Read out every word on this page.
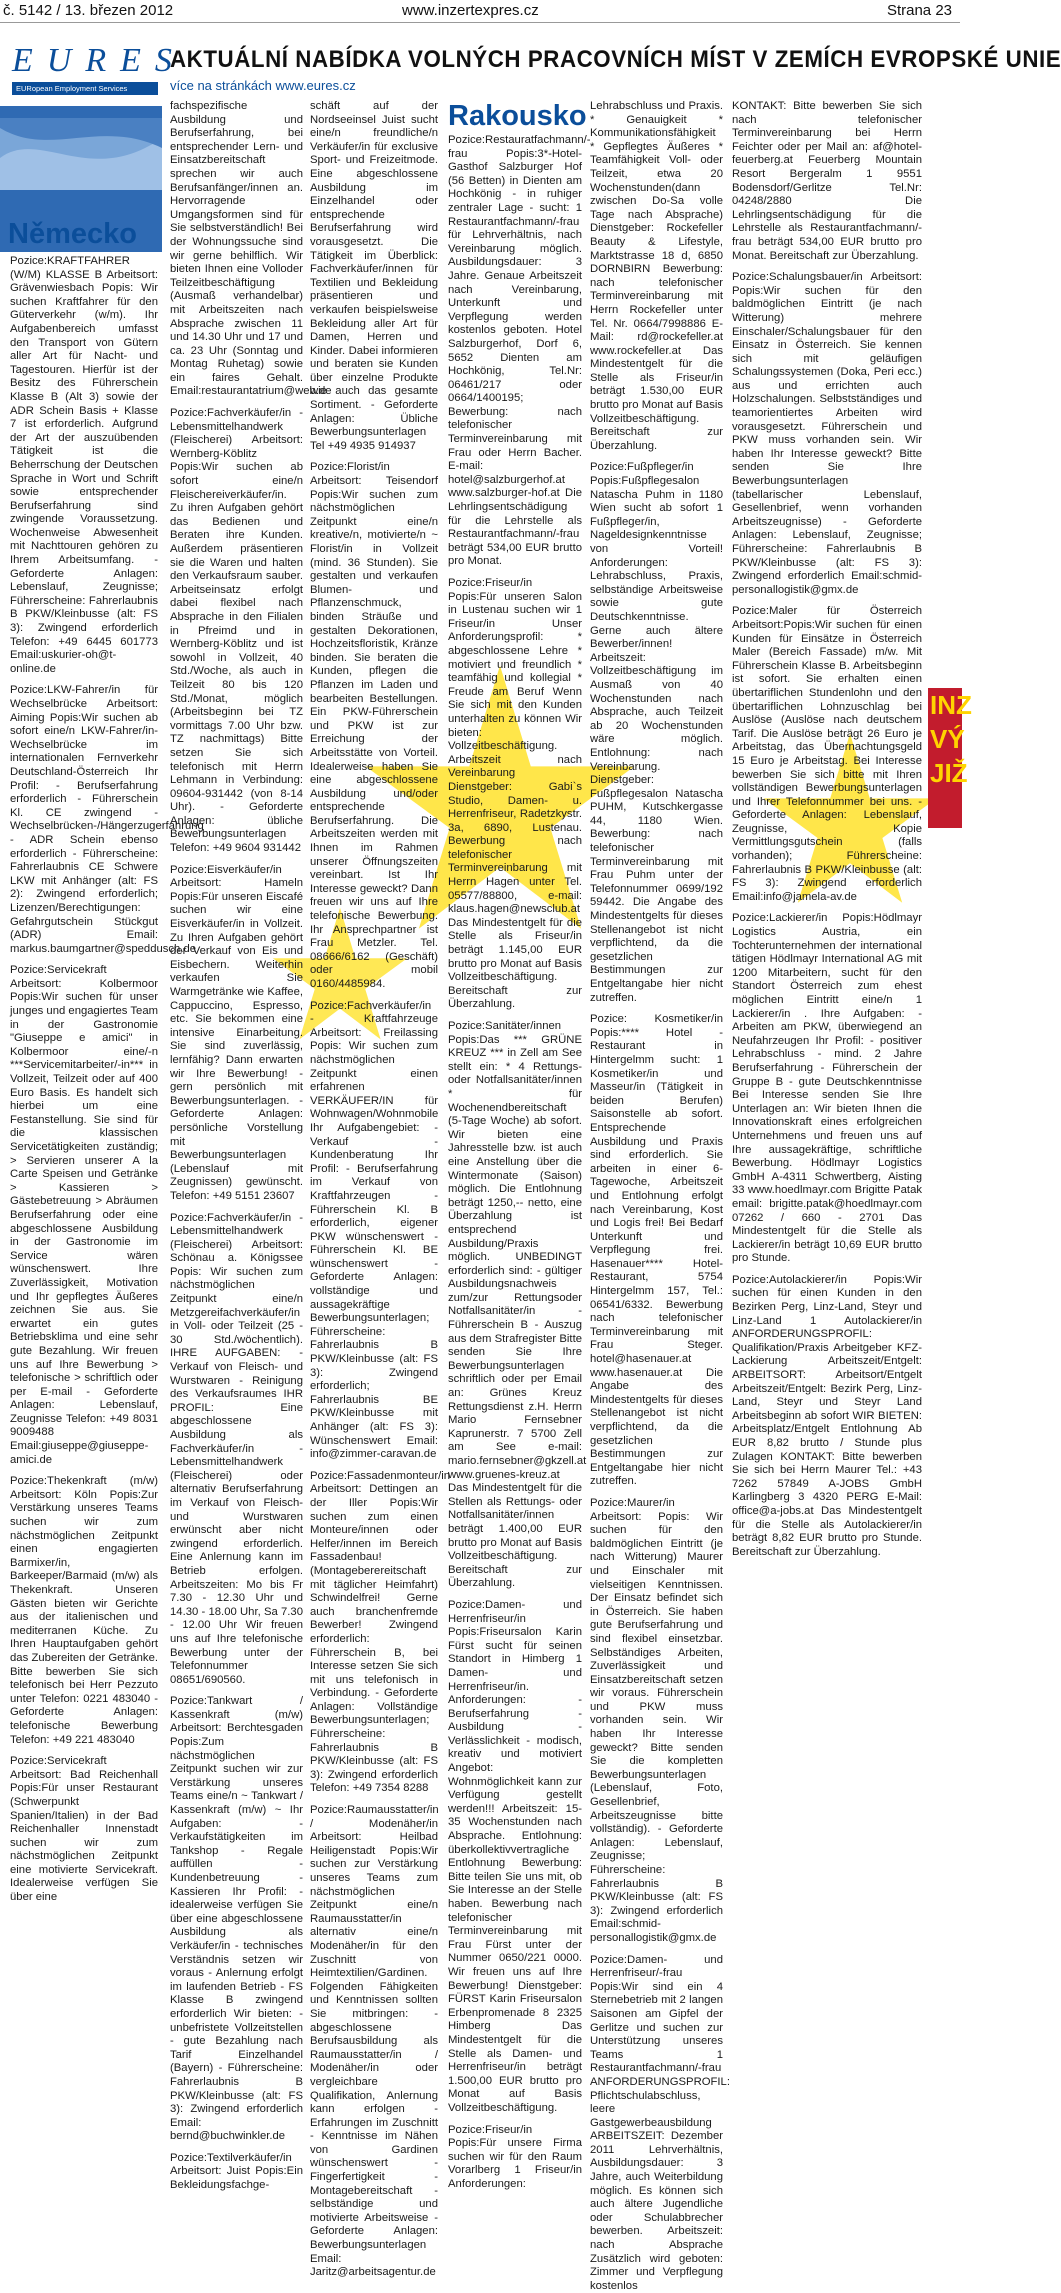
č. 5142 / 13. březen 2012	www.inzertexpres.cz	Strana 23
EURES
EURopean Employment Services
AKTUÁLNÍ NABÍDKA VOLNÝCH PRACOVNÍCH MÍST V ZEMÍCH EVROPSKÉ UNIE
více na stránkách www.eures.cz
Německo
Rakousko

Pozice:KRAFTFAHRER (W/M) KLASSE B Arbeitsort: Grävenwiesbach Popis: Wir suchen Kraftfahrer für den Güterverkehr (w/m). Ihr Aufgabenbereich umfasst den Transport von Gütern aller Art für Nacht- und Tagestouren. Hierfür ist der Besitz des Führerschein Klasse B (Alt 3) sowie der ADR Schein Basis + Klasse 7 ist erforderlich. Aufgrund der Art der auszuübenden Tätigkeit ist die Beherrschung der Deutschen Sprache in Wort und Schrift sowie entsprechender Berufserfahrung sind zwingende Voraussetzung. Wochenweise Abwesenheit mit Nachttouren gehören zu Ihrem Arbeitsumfang. - Geforderte Anlagen: Lebenslauf, Zeugnisse; Führerscheine: Fahrerlaubnis B PKW/Kleinbusse (alt: FS 3): Zwingend erforderlich Telefon: +49 6445 601773 Email:uskurier-oh@t-online.de

Pozice:LKW-Fahrer/in für Wechselbrücke Arbeitsort: Aiming Popis:Wir suchen ab sofort eine/n LKW-Fahrer/in-Wechselbrücke im internationalen Fernverkehr Deutschland-Österreich Ihr Profil: - Berufserfahrung erforderlich - Führerschein Kl. CE zwingend - Wechselbrücken-/Hängerzugerfahrung - ADR Schein ebenso erforderlich - Führerscheine: Fahrerlaubnis CE Schwere LKW mit Anhänger (alt: FS 2): Zwingend erforderlich; Lizenzen/Berechtigungen: Gefahrgutschein Stückgut (ADR) Email: markus.baumgartner@speddusch.de

Pozice:Servicekraft Arbeitsort: Kolbermoor Popis:Wir suchen für unser junges und engagiertes Team in der Gastronomie "Giuseppe e amici" in Kolbermoor eine/-n ***Servicemitarbeiter/-in*** in Vollzeit, Teilzeit oder auf 400 Euro Basis. Es handelt sich hierbei um eine Festanstellung. Sie sind für die klassischen Servicetätigkeiten zuständig; > Servieren unserer A la Carte Speisen und Getränke > Kassieren > Gästebetreuung > Abräumen Berufserfahrung oder eine abgeschlossene Ausbildung in der Gastronomie im Service wären wünschenswert. Ihre Zuverlässigkeit, Motivation und Ihr gepflegtes Äußeres zeichnen Sie aus. Sie erwartet ein gutes Betriebsklima und eine sehr gute Bezahlung. Wir freuen uns auf Ihre Bewerbung > telefonische > schriftlich oder per E-mail - Geforderte Anlagen: Lebenslauf, Zeugnisse Telefon: +49 8031 9009488 Email:giuseppe@giuseppe-amici.de

Pozice:Thekenkraft (m/w) Arbeitsort: Köln Popis:Zur Verstärkung unseres Teams suchen wir zum nächstmöglichen Zeitpunkt einen engagierten Barmixer/in, Barkeeper/Barmaid (m/w) als Thekenkraft. Unseren Gästen bieten wir Gerichte aus der italienischen und mediterranen Küche. Zu Ihren Hauptaufgaben gehört das Zubereiten der Getränke. Bitte bewerben Sie sich telefonisch bei Herr Pezzuto unter Telefon: 0221 483040 - Geforderte Anlagen: telefonische Bewerbung Telefon: +49 221 483040

Pozice:Servicekraft Arbeitsort: Bad Reichenhall Popis:Für unser Restaurant (Schwerpunkt Spanien/Italien) in der Bad Reichenhaller Innenstadt suchen wir zum nächstmöglichen Zeitpunkt eine motivierte Servicekraft. Idealerweise verfügen Sie über eine

fachspezifische Ausbildung und Berufserfahrung, bei entsprechender Lern- und Einsatzbereitschaft sprechen wir auch Berufsanfänger/innen an. Hervorragende Umgangsformen sind für Sie selbstverständlich! Bei der Wohnungssuche sind wir gerne behilflich. Wir bieten Ihnen eine Volloder Teilzeitbeschäftigung (Ausmaß verhandelbar) mit Arbeitszeiten nach Absprache zwischen 11 und 14.30 Uhr und 17 und ca. 23 Uhr (Sonntag und Montag Ruhetag) sowie ein faires Gehalt. Email:restaurantatrium@web.de

Pozice:Fachverkäufer/in - Lebensmittelhandwerk (Fleischerei) Arbeitsort: Wernberg-Köblitz Popis:Wir suchen ab sofort eine/n Fleischereiverkäufer/in. Zu ihren Aufgaben gehört das Bedienen und Beraten ihre Kunden. Außerdem präsentieren sie die Waren und halten den Verkaufsraum sauber. Arbeitseinsatz erfolgt dabei flexibel nach Absprache in den Filialen in Pfreimd und in Wernberg-Köblitz und ist sowohl in Vollzeit, 40 Std./Woche, als auch in Teilzeit 80 bis 120 Std./Monat, möglich (Arbeitsbeginn bei TZ vormittags 7.00 Uhr bzw. TZ nachmittags) Bitte setzen Sie sich telefonisch mit Herrn Lehmann in Verbindung: 09604-931442 (von 8-14 Uhr). - Geforderte Anlagen: übliche Bewerbungsunterlagen Telefon: +49 9604 931442

Pozice:Eisverkäufer/in Arbeitsort: Hameln Popis:Für unseren Eiscafé suchen wir eine Eisverkäufer/in in Vollzeit. Zu Ihren Aufgaben gehört der Verkauf von Eis und Eisbechern. Weiterhin verkaufen Sie Warmgetränke wie Kaffee, Cappuccino, Espresso, etc. Sie bekommen eine intensive Einarbeitung. Sie sind zuverlässig, lernfähig? Dann erwarten wir Ihre Bewerbung! - gern persönlich mit Bewerbungsunterlagen. - Geforderte Anlagen: persönliche Vorstellung mit Bewerbungsunterlagen (Lebenslauf mit Zeugnissen) gewünscht. Telefon: +49 5151 23607

Pozice:Fachverkäufer/in - Lebensmittelhandwerk (Fleischerei) Arbeitsort: Schönau a. Königssee Popis: Wir suchen zum nächstmöglichen Zeitpunkt eine/n Metzgereifachverkäufer/in in Voll- oder Teilzeit (25 - 30 Std./wöchentlich). IHRE AUFGABEN: - Verkauf von Fleisch- und Wurstwaren - Reinigung des Verkaufsraumes IHR PROFIL: Eine abgeschlossene Ausbildung als Fachverkäufer/in - Lebensmittelhandwerk (Fleischerei) oder alternativ Berufserfahrung im Verkauf von Fleisch- und Wurstwaren erwünscht aber nicht zwingend erforderlich. Eine Anlernung kann im Betrieb erfolgen. Arbeitszeiten: Mo bis Fr 7.30 - 12.30 Uhr und 14.30 - 18.00 Uhr, Sa 7.30 - 12.00 Uhr Wir freuen uns auf Ihre telefonische Bewerbung unter der Telefonnummer 08651/690560.

Pozice:Tankwart / Kassenkraft (m/w) Arbeitsort: Berchtesgaden Popis:Zum nächstmöglichen Zeitpunkt suchen wir zur Verstärkung unseres Teams eine/n ~ Tankwart / Kassenkraft (m/w) ~ Ihr Aufgaben: - Verkaufstätigkeiten im Tankshop - Regale auffüllen - Kundenbetreuung - Kassieren Ihr Profil: - idealerweise verfügen Sie über eine abgeschlossene Ausbildung als Verkäufer/in - technisches Verständnis setzen wir voraus - Anlernung erfolgt im laufenden Betrieb - FS Klasse B zwingend erforderlich Wir bieten: - unbefristete Vollzeitstellen - gute Bezahlung nach Tarif Einzelhandel (Bayern) - Führerscheine: Fahrerlaubnis B PKW/Kleinbusse (alt: FS 3): Zwingend erforderlich Email: bernd@buchwinkler.de

Pozice:Textilverkäufer/in Arbeitsort: Juist Popis:Ein Bekleidungsfachge-

schäft auf der Nordseeinsel Juist sucht eine/n freundliche/n Verkäufer/in für exclusive Sport- und Freizeitmode. Eine abgeschlossene Ausbildung im Einzelhandel oder entsprechende Berufserfahrung wird vorausgesetzt. Die Tätigkeit im Überblick: Fachverkäufer/innen für Textilien und Bekleidung präsentieren und verkaufen beispielsweise Bekleidung aller Art für Damen, Herren und Kinder. Dabei informieren und beraten sie Kunden über einzelne Produkte wie auch das gesamte Sortiment. - Geforderte Anlagen: Übliche Bewerbungsunterlagen Tel +49 4935 914937

Pozice:Florist/in Arbeitsort: Teisendorf Popis:Wir suchen zum nächstmöglichen Zeitpunkt eine/n kreative/n, motivierte/n ~ Florist/in in Vollzeit (mind. 36 Stunden). Sie gestalten und verkaufen Blumen- und Pflanzenschmuck, binden Sträuße und gestalten Dekorationen, Hochzeitsfloristik, Kränze binden. Sie beraten die Kunden, pflegen die Pflanzen im Laden und bearbeiten Bestellungen. Ein PKW-Führerschein und PKW ist zur Erreichung der Arbeitsstätte von Vorteil. Idealerweise haben Sie eine abgeschlossene Ausbildung und/oder entsprechende Berufserfahrung. Die Arbeitszeiten werden mit Ihnen im Rahmen unserer Öffnungszeiten vereinbart. Ist Ihr Interesse geweckt? Dann freuen wir uns auf Ihre telefonische Bewerbung. Ihr Ansprechpartner ist Frau Metzler. Tel. 08666/6162 (Geschäft) oder mobil 0160/4485984.

Pozice:Fachverkäufer/in - Kraftfahrzeuge Arbeitsort: Freilassing Popis: Wir suchen zum nächstmöglichen Zeitpunkt einen erfahrenen VERKÄUFER/IN für Wohnwagen/Wohnmobile Ihr Aufgabengebiet: - Verkauf - Kundenberatung Ihr Profil: - Berufserfahrung im Verkauf von Kraftfahrzeugen - Führerschein Kl. B erforderlich, eigener PKW wünschenswert - Führerschein Kl. BE wünschenswert - Geforderte Anlagen: vollständige und aussagekräftige Bewerbungsunterlagen; Führerscheine: Fahrerlaubnis B PKW/Kleinbusse (alt: FS 3): Zwingend erforderlich; Fahrerlaubnis BE PKW/Kleinbusse mit Anhänger (alt: FS 3): Wünschenswert Email: info@zimmer-caravan.de

Pozice:Fassadenmonteur/in Arbeitsort: Dettingen an der Iller Popis:Wir suchen zum einen Monteure/innen oder Helfer/innen im Bereich Fassadenbau! (Montageberereitschaft mit täglicher Heimfahrt) Schwindelfrei! Gerne auch branchenfremde Bewerber! Zwingend erforderlich: Führerschein B, bei Interesse setzen Sie sich mit uns telefonisch in Verbindung. - Geforderte Anlagen: Vollständige Bewerbungsunterlagen; Führerscheine: Fahrerlaubnis B PKW/Kleinbusse (alt: FS 3): Zwingend erforderlich Telefon: +49 7354 8288

Pozice:Raumausstatter/in / Modenäher/in Arbeitsort: Heilbad Heiligenstadt Popis:Wir suchen zur Verstärkung unseres Teams zum nächstmöglichen Zeitpunkt eine/n Raumausstatter/in alternativ eine/n Modenäher/in für den Zuschnitt von Heimtextilien/Gardinen. Folgenden Fähigkeiten und Kenntnissen sollten Sie mitbringen: - abgeschlossene Berufsausbildung als Raumausstatter/in / Modenäher/in oder vergleichbare Qualifikation, Anlernung kann erfolgen - Erfahrungen im Zuschnitt - Kenntnisse im Nähen von Gardinen wünschenswert - Fingerfertigkeit - Montagebereitschaft - selbständige und motivierte Arbeitsweise - Geforderte Anlagen: Bewerbungsunterlagen Email: Jaritz@arbeitsagentur.de

Pozice:Restauratfachmann/-frau Popis:3*-Hotel-Gasthof Salzburger Hof (56 Betten) in Dienten am Hochkönig - in ruhiger zentraler Lage - sucht: 1 Restaurantfachmann/-frau für Lehrverhältnis, nach Vereinbarung möglich. Ausbildungsdauer: 3 Jahre. Genaue Arbeitszeit nach Vereinbarung, Unterkunft und Verpflegung werden kostenlos geboten. Hotel Salzburgerhof, Dorf 6, 5652 Dienten am Hochkönig, Tel.Nr: 06461/217 oder 0664/1400195; Bewerbung: nach telefonischer Terminvereinbarung mit Frau oder Herrn Bacher. E-mail: hotel@salzburgerhof.at www.salzburger-hof.at Die Lehrlingsentschädigung für die Lehrstelle als Restaurantfachmann/-frau beträgt 534,00 EUR brutto pro Monat.

Pozice:Friseur/in Popis:Für unseren Salon in Lustenau suchen wir 1 Friseur/in Unser Anforderungsprofil: * abgeschlossene Lehre * motiviert und freundlich * teamfähig und kollegial * Freude am Beruf Wenn Sie sich mit den Kunden unterhalten zu können Wir bieten: Vollzeitbeschäftigung. Arbeitszeit nach Vereinbarung Dienstgeber: Gabi`s Studio, Damen- u. Herrenfriseur, Radetzkystr. 3a, 6890, Lustenau. Bewerbung nach telefonischer Terminvereinbarung mit Herrn Hagen unter Tel. 05577/88800, e-mail: klaus.hagen@newsclub.at Das Mindestentgelt für die Stelle als Friseur/in beträgt 1.145,00 EUR brutto pro Monat auf Basis Vollzeitbeschäftigung. Bereitschaft zur Überzahlung.

Pozice:Sanitäter/innen Popis:Das *** GRÜNE KREUZ *** in Zell am See stellt ein: * 4 Rettungs- oder Notfallsanitäter/innen * für Wochenendbereitschaft (5-Tage Woche) ab sofort. Wir bieten eine Jahresstelle bzw. ist auch eine Anstellung über die Wintermonate (Saison) möglich. Die Entlohnung beträgt 1250,-- netto, eine Überzahlung ist entsprechend Ausbildung/Praxis möglich. UNBEDINGT erforderlich sind: - gültiger Ausbildungsnachweis zum/zur Rettungsoder Notfallsanitäter/in - Führerschein B - Auszug aus dem Strafregister Bitte senden Sie Ihre Bewerbungsunterlagen schriftlich oder per Email an: Grünes Kreuz Rettungsdienst z.H. Herrn Mario Fernsebner Kaprunerstr. 7 5700 Zell am See e-mail: mario.fernsebner@gkzell.at www.gruenes-kreuz.at Das Mindestentgelt für die Stellen als Rettungs- oder Notfallsanitäter/innen beträgt 1.400,00 EUR brutto pro Monat auf Basis Vollzeitbeschäftigung. Bereitschaft zur Überzahlung.

Pozice:Damen- und Herrenfriseur/in Popis:Friseursalon Karin Fürst sucht für seinen Standort in Himberg 1 Damen- und Herrenfriseur/in. Anforderungen: - Berufserfahrung - Ausbildung - Verlässlichkeit - modisch, kreativ und motiviert Angebot: Wohnmöglichkeit kann zur Verfügung gestellt werden!!! Arbeitszeit: 15-35 Wochenstunden nach Absprache. Entlohnung: überkollektivvertragliche Entlohnung Bewerbung: Bitte teilen Sie uns mit, ob Sie Interesse an der Stelle haben. Bewerbung nach telefonischer Terminvereinbarung mit Frau Fürst unter der Nummer 0650/221 0000. Wir freuen uns auf Ihre Bewerbung! Dienstgeber: FÜRST Karin Friseursalon Erbenpromenade 8 2325 Himberg Das Mindestentgelt für die Stelle als Damen- und Herrenfriseur/in beträgt 1.500,00 EUR brutto pro Monat auf Basis Vollzeitbeschäftigung.

Pozice:Friseur/in Popis:Für unsere Firma suchen wir für den Raum Vorarlberg 1 Friseur/in Anforderungen:

Lehrabschluss und Praxis. * Genauigkeit * Kommunikationsfähigkeit * Gepflegtes Äußeres * Teamfähigkeit Voll- oder Teilzeit, etwa 20 Wochenstunden(dann zwischen Do-Sa volle Tage nach Absprache) Dienstgeber: Rockefeller Beauty & Lifestyle, Marktstrasse 18 d, 6850 DORNBIRN Bewerbung: nach telefonischer Terminvereinbarung mit Herrn Rockefeller unter Tel. Nr. 0664/7998886 E-Mail: rd@rockefeller.at www.rockefeller.at Das Mindestentgelt für die Stelle als Friseur/in beträgt 1.530,00 EUR brutto pro Monat auf Basis Vollzeitbeschäftigung. Bereitschaft zur Überzahlung.

Pozice:Fußpfleger/in Popis:Fußpflegesalon Natascha Puhm in 1180 Wien sucht ab sofort 1 Fußpfleger/in, Nageldesignkenntnisse von Vorteil! Anforderungen: Lehrabschluss, Praxis, selbständige Arbeitsweise sowie gute Deutschkenntnisse. Gerne auch ältere Bewerber/innen! Arbeitszeit: Vollzeitbeschäftigung im Ausmaß von 40 Wochenstunden nach Absprache, auch Teilzeit ab 20 Wochenstunden wäre möglich. Entlohnung: nach Vereinbarung. Dienstgeber: Fußpflegesalon Natascha PUHM, Kutschkergasse 44, 1180 Wien. Bewerbung: nach telefonischer Terminvereinbarung mit Frau Puhm unter der Telefonnummer 0699/192 59442. Die Angabe des Mindestentgelts für dieses Stellenangebot ist nicht verpflichtend, da die gesetzlichen Bestimmungen zur Entgeltangabe hier nicht zutreffen.

Pozice: Kosmetiker/in Popis:**** Hotel -Restaurant in Hintergelmm sucht: 1 Kosmetiker/in und Masseur/in (Tätigkeit in beiden Berufen) Saisonstelle ab sofort. Entsprechende Ausbildung und Praxis sind erforderlich. Sie arbeiten in einer 6-Tagewoche, Arbeitszeit und Entlohnung erfolgt nach Vereinbarung, Kost und Logis frei! Bei Bedarf Unterkunft und Verpflegung frei. Hasenauer**** Hotel-Restaurant, 5754 Hintergelmm 157, Tel.: 06541/6332. Bewerbung nach telefonischer Terminvereinbarung mit Frau Steger. hotel@hasenauer.at www.hasenauer.at Die Angabe des Mindestentgelts für dieses Stellenangebot ist nicht verpflichtend, da die gesetzlichen Bestimmungen zur Entgeltangabe hier nicht zutreffen.

Pozice:Maurer/in Arbeitsort: Popis: Wir suchen für den baldmöglichen Eintritt (je nach Witterung) Maurer und Einschaler mit vielseitigen Kenntnissen. Der Einsatz befindet sich in Österreich. Sie haben gute Berufserfahrung und sind flexibel einsetzbar. Selbständiges Arbeiten, Zuverlässigkeit und Einsatzbereitschaft setzen wir voraus. Führerschein und PKW muss vorhanden sein. Wir haben Ihr Interesse geweckt? Bitte senden Sie die kompletten Bewerbungsunterlagen (Lebenslauf, Foto, Gesellenbrief, Arbeitszeugnisse bitte vollständig). - Geforderte Anlagen: Lebenslauf, Zeugnisse; Führerscheine: Fahrerlaubnis B PKW/Kleinbusse (alt: FS 3): Zwingend erforderlich Email:schmid-personallogistik@gmx.de

Pozice:Damen- und Herrenfriseur/-frau Popis:Wir sind ein 4 Sternebetrieb mit 2 langen Saisonen am Gipfel der Gerlitze und suchen zur Unterstützung unseres Teams 1 Restaurantfachmann/-frau ANFORDERUNGSPROFIL: Pflichtschulabschluss, leere Gastgewerbeausbildung ARBEITSZEIT: Dezember 2011 Lehrverhältnis, Ausbildungsdauer: 3 Jahre, auch Weiterbildung möglich. Es können sich auch ältere Jugendliche oder Schulabbrecher bewerben. Arbeitszeit: nach Absprache Zusätzlich wird geboten: Zimmer und Verpflegung kostenlos

KONTAKT: Bitte bewerben Sie sich nach telefonischer Terminvereinbarung bei Herrn Feichter oder per Mail an: af@hotel-feuerberg.at Feuerberg Mountain Resort Bergeralm 1 9551 Bodensdorf/Gerlitze Tel.Nr: 04248/2880 Die Lehrlingsentschädigung für die Lehrstelle als Restaurantfachmann/-frau beträgt 534,00 EUR brutto pro Monat. Bereitschaft zur Überzahlung.

Pozice:Schalungsbauer/in Arbeitsort: Popis:Wir suchen für den baldmöglichen Eintritt (je nach Witterung) mehrere Einschaler/Schalungsbauer für den Einsatz in Österreich. Sie kennen sich mit geläufigen Schalungssystemen (Doka, Peri ecc.) aus und errichten auch Holzschalungen. Selbstständiges und teamorientiertes Arbeiten wird vorausgesetzt. Führerschein und PKW muss vorhanden sein. Wir haben Ihr Interesse geweckt? Bitte senden Sie Ihre Bewerbungsunterlagen (tabellarischer Lebenslauf, Gesellenbrief, wenn vorhanden Arbeitszeugnisse) - Geforderte Anlagen: Lebenslauf, Zeugnisse; Führerscheine: Fahrerlaubnis B PKW/Kleinbusse (alt: FS 3): Zwingend erforderlich Email:schmid-personallogistik@gmx.de

Pozice:Maler für Österreich Arbeitsort:Popis:Wir suchen für einen Kunden für Einsätze in Österreich Maler (Bereich Fassade) m/w. Mit Führerschein Klasse B. Arbeitsbeginn ist sofort. Sie erhalten einen übertariflichen Stundenlohn und den übertariflichen Lohnzuschlag bei Auslöse (Auslöse nach deutschem Tarif. Die Auslöse beträgt 26 Euro je Arbeitstag, das Übernachtungsgeld 15 Euro je Arbeitstag. Bei Interesse bewerben Sie sich bitte mit Ihren vollständigen Bewerbungsunterlagen und Ihrer Telefonnummer bei uns. - Geforderte Anlagen: Lebenslauf, Zeugnisse, Kopie Vermittlungsgutschein (falls vorhanden); Führerscheine: Fahrerlaubnis B PKW/Kleinbusse (alt: FS 3): Zwingend erforderlich Email:info@jamela-av.de

Pozice:Lackierer/in Popis:Hödlmayr Logistics Austria, ein Tochterunternehmen der international tätigen Hödlmayr International AG mit 1200 Mitarbeitern, sucht für den Standort Österreich zum ehest möglichen Eintritt eine/n 1 Lackierer/in . Ihre Aufgaben: - Arbeiten am PKW, überwiegend an Neufahrzeugen Ihr Profil: - positiver Lehrabschluss - mind. 2 Jahre Berufserfahrung - Führerschein der Gruppe B - gute Deutschkenntnisse Bei Interesse senden Sie Ihre Unterlagen an: Wir bieten Ihnen die Innovationskraft eines erfolgreichen Unternehmens und freuen uns auf Ihre aussagekräftige, schriftliche Bewerbung. Hödlmayr Logistics GmbH A-4311 Schwertberg, Aisting 33 www.hoedlmayr.com Brigitte Patak email: brigitte.patak@hoedlmayr.com 07262 / 660 - 2701 Das Mindestentgelt für die Stelle als Lackierer/in beträgt 10,69 EUR brutto pro Stunde.

Pozice:Autolackierer/in Popis:Wir suchen für einen Kunden in den Bezirken Perg, Linz-Land, Steyr und Linz-Land 1 Autolackierer/in ANFORDERUNGSPROFIL: Qualifikation/Praxis Arbeitgeber KFZ-Lackierung Arbeitszeit/Entgelt: ARBEITSORT: Arbeitsort/Entgelt Arbeitszeit/Entgelt: Bezirk Perg, Linz-Land, Steyr und Steyr Land Arbeitsbeginn ab sofort WIR BIETEN: Arbeitsplatz/Entgelt Entlohnung Ab EUR 8,82 brutto / Stunde plus Zulagen KONTAKT: Bitte bewerben Sie sich bei Herrn Maurer Tel.: +43 7262 57849 A-JOBS GmbH Karlingberg 3 4320 PERG E-Mail: office@a-jobs.at Das Mindestentgelt für die Stelle als Autolackierer/in beträgt 8,82 EUR brutto pro Stunde. Bereitschaft zur Überzahlung.

INZ VÝ JIŽ
